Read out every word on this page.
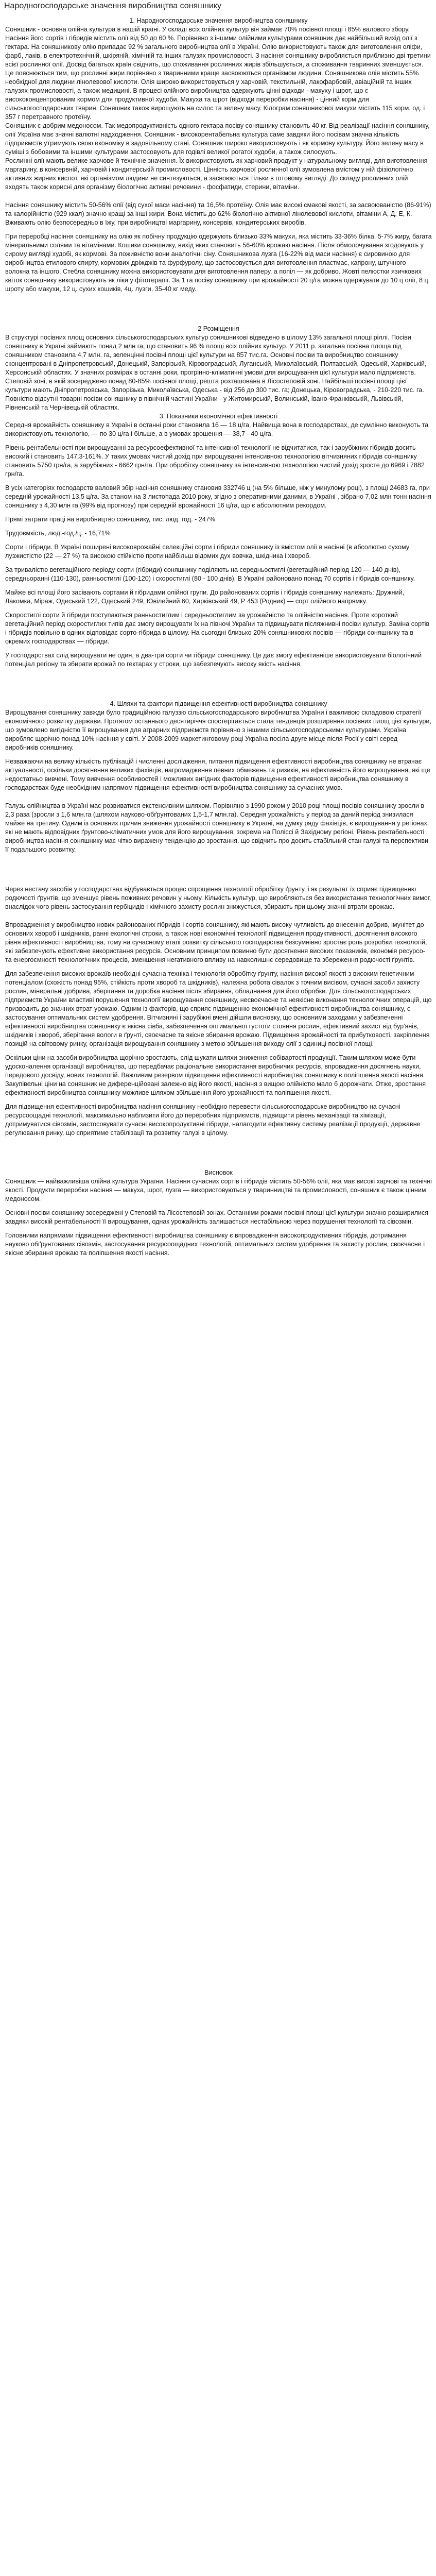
Народногосподарське значення виробництва соняшнику

1. Народногосподарське значення виробництва соняшнику

Соняшник - основна олійна культура в нашій країні. У складі всіх олійних культур він займає 70% посівної площі і 85% валового збору. Насіння його сортів і гібридів містить олії від 50 до 60 %. Порівняно з іншими олійними культурами соняшник дає найбільший вихід олії з гектара. На соняшникову олію припадає 92 % загального виробництва олії в Україні. Олію використовують також для виготовлення оліфи, фарб, лаків, в електротехнічній, шкіряній, хімічній та інших галузях промисловості. З насіння соняшнику виробляється приблизно дві третини всієї рослинної олії. Досвід багатьох країн свідчить, що споживання рослинних жирів збільшується, а споживання тваринних зменшується. Це пояснюється тим, що рослинні жири порівняно з тваринними краще засвоюються організмом людини. Соняшникова олія містить 55% необхідної для людини лінолевової кислоти. Олія широко використовується у харчовій, текстильній, лакофарбовій, авіаційній та інших галузях промисловості, а також медицині. В процесі олійного виробництва одержують цінні відходи - макуху і шрот, що є висококонцентрованим кормом для продуктивної худоби. Макуха та шрот (відходи переробки насіння) - цінний корм для сільськогосподарських тварин. Соняшник також вирощують на силос та зелену масу. Кілограм соняшникової макухи містить 115 корм. од. і 357 г перетравного протеїну.

Соняшник є добрим медоносом. Так медопродуктивність одного гектара посіву соняшнику становить 40 кг. Від реалізації насіння соняшнику, олії Україна має значні валютні надходження. Соняшник - високорентабельна культура саме завдяки його посівам значна кількість підприємств утримують свою економіку в задовільному стані. Соняшник широко використовують і як кормову культуру. Його зелену масу в суміші з бобовими та іншими культурами застосовують для годівлі великої рогатої худоби, а також силосують.

Рослинні олії мають велике харчове й технічне значення. Їх використовують як харчовий продукт у натуральному вигляді, для виготовлення маргарину, в консервній, харчовій і кондитерській промисловості. Цінність харчової рослинної олії зумовлена вмістом у ній фізіологічно активних жирних кислот, які організмом людини не синтезуються, а засвоюються тільки в готовому вигляді. До складу рослинних олій входять також корисні для організму біологічно активні речовини - фосфатиди, стерини, вітаміни.

Насіння соняшнику містить 50-56% олії (від сухої маси насіння) та 16,5% протеїну. Олія має високі смакові якості, за засвоюваністю (86-91%) та калорійністю (929 ккал) значно кращі за інші жири. Вона містить до 62% біологічно активної лінолевової кислоти, вітаміни А, Д, Е, К. Вживають олію безпосередньо в їжу, при виробництві маргарину, консервів, кондитерських виробів.

При переробці насіння соняшнику на олію як побічну продукцію одержують близько 33% макухи, яка містить 33-36% білка, 5-7% жиру, багата мінеральними солями та вітамінами. Кошики соняшнику, вихід яких становить 56-60% врожаю насіння. Після обмолочування згодовують у сирому вигляді худобі, як кормові. За поживністю вони аналогічні сіну. Соняшникова лузга (16-22% від маси насіння) є сировиною для виробництва етилового спирту, кормових дріжджів та фурфуролу, що застосовується для виготовлення пластмас, капрону, штучного волокна та іншого. Стебла соняшнику можна використовувати для виготовлення паперу, а попіл — як добриво. Жовті пелюстки язичкових квіток соняшнику використовують як ліки у фітотерапії. За 1 га посіву соняшнику при врожайності 20 ц/га можна одержувати до 10 ц олії, 8 ц. шроту або макухи, 12 ц. сухих кошиків, 4ц. лузги, 35-40 кг меду.

2 Розміщення

В структурі посівних площ основних сільськогосподарських культур соняшникові відведено в цілому 13% загальної площі ріллі. Посіви соняшнику в Україні займають понад 2 млн га, що становить 96 % площі всіх олійних культур. У 2011 р. загальна посівна площа під соняшником становила 4,7 млн. га, зеленцінні посівні площі цієї культури на 857 тис.га. Основні посіви та виробництво соняшнику сконцентровані в Дніпропетровській, Донецькій, Запорізькій, Кіровоградській, Луганській, Миколаївській, Полтавській, Одеській, Харківській, Херсонській областях. У значних розмірах в останні роки, прогрінно-кліматичні умови для вирощування цієї культури мало підприємств. Степовій зоні, в якій зосереджено понад 80-85% посівної площі, решта розташована в Лісостеповій зоні. Найбільші посівні площі цієї культури мають Дніпропетровська, Запорізька, Миколаївська, Одеська - від 256 до 300 тис. га; Донецька, Кіровоградська, - 210-220 тис. га. Повністю відсутні товарні посіви соняшнику в північній частині України - у Житомирській, Волинській, Івано-Франківській, Львівській, Рівненській та Чернівецькій областях.

3. Показники економічної ефективності

Середня врожайність соняшнику в Україні в останні роки становила 16 — 18 ц/га. Найвища вона в господарствах, де сумлінно виконують та використовують технологію, — по 30 ц/га і більше, а в умовах зрошення — 38,7 - 40 ц/га.

Рівень рентабельності при вирощуванні за ресурсоефективної та інтенсивної технології не відчитатися, так і зарубіжних гібридів досить високий і становить 147,3-161%. У таких умовах чистий дохід при вирощуванні інтенсивною технологією вітчизняних гібридів соняшнику становить 5750 грн/га, а зарубіжних - 6662 грн/га. При обробітку соняшнику за інтенсивною технологією чистий дохід зросте до 6969 і 7882 грн/га.

В усіх категоріях господарств валовий збір насіння соняшнику становив 332746 ц (на 5% більше, ніж у минулому році), з площі 24683 га, при середній урожайності 13,5 ц/га. За станом на 3 листопада 2010 року, згідно з оперативними даними, в Україні , зібрано 7,02 млн тонн насіння соняшнику з 4,30 млн га (99% від прогнозу) при середній врожайності 16 ц/га, що є абсолютним рекордом.

Прямі затрати праці на виробництво соняшнику, тис. люд. год. - 247%

Трудоємкість, люд.-год./ц. - 16,71%

Сорти і гібриди. В Україні поширені високоврожайні селекційні сорти і гібриди соняшнику із вмістом олії в насінні (в абсолютно сухому лузжистістю (22 — 27 %) та високою стійкістю проти найбільш відомих дух вовчка, шкідника і хвороб.

За тривалістю вегетаційного періоду сорти (гібриди) соняшнику поділяють на середньостиглі (вегетаційний період 120 — 140 днів), середньоранні (110-130), ранньостиглі (100-120) і скоростиглі (80 - 100 днів). В Україні районовано понад 70 сортів і гібридів соняшнику.

Майже всі площі його засівають сортами й гібридами олійної групи. До районованих сортів і гібридів соняшнику належать: Дружний, Лакомка, Міраж, Одеський 122, Одеський 249, Ювілейний 60, Харківський 49, Р 453 (Родник) — сорт олійного напрямку.

Скоростиглі сорти й гібриди поступаються ранньостиглим і середньостиглим за урожайністю та олійністю насіння. Проте короткий вегетаційний період скоростиглих типів дає змогу вирощувати їх на півночі України та підвищувати післяжнивні посіви культур. Заміна сортів і гібридів повільно в одних відповідає сорто-гібрида в цілому. На сьогодні близько 20% соняшникових посівів — гібриди соняшнику та в окремих господарствах — гібриди.

У господарствах слід вирощувати не один, а два-три сорти чи гібриди соняшнику. Це дає змогу ефективніше використовувати біологічний потенціал регіону та збирати врожай по гектарах у строки, що забезпечують високу якість насіння.

4. Шляхи та фактори підвищення ефективності виробництва соняшнику

Вирощування соняшнику завжди було традиційною галуззю сільськогосподарського виробництва України і важливою складовою стратегії економічного розвитку держави. Протягом останнього десятиріччя спостерігається стала тенденція розширення посівних площ цієї культури, що зумовлено вигідністю її вирощування для аграрних підприємств порівняно з іншими сільськогосподарськими культурами. Україна виробляє щорічно понад 10% насіння у світі. У 2008-2009 маркетинговому році Україна посіла друге місце після Росії у світі серед виробників соняшнику.

Незважаючи на велику кількість публікацій і численні дослідження, питання підвищення ефективності виробництва соняшнику не втрачає актуальності, оскільки досягнення великих фахівців, нагромадження певних обмежень та ризиків, на ефективність його вирощування, які ще недостатньо вивчені. Тому вивчення особливостей і можливих вигідних факторів підвищення ефективності виробництва соняшнику в господарствах буде необхідним напрямом підвищення ефективності виробництва соняшнику за сучасних умов.

Галузь олійництва в Україні має розвиватися екстенсивним шляхом. Порівняно з 1990 роком у 2010 році площі посівів соняшнику зросли в 2,3 раза (зросли з 1,6 млн.га (шляхом науково-обґрунтованих 1,5-1,7 млн.га). Середня урожайність у період за даний період знизилася майже на третину. Одним із основних причин зниження урожайності соняшнику в Україні, на думку ряду фахівців, є вирощування у регіонах, які не мають відповідних ґрунтово-кліматичних умов для його вирощування, зокрема на Поліссі й Західному регіоні. Рівень рентабельності виробництва насіння соняшнику має чітко виражену тенденцію до зростання, що свідчить про досить стабільний стан галузі та перспективи її подальшого розвитку.

Через нестачу засобів у господарствах відбувається процес спрощення технології обробітку ґрунту, і як результат їх сприяє підвищенню родючості ґрунтів, що зменшує рівень поживних речовин у ньому. Кількість культур, що виробляються без використання технологічних вимог, внаслідок чого рівень застосування гербіцидів і хімічного захисту рослин знижується, збирають при цьому значні втрати врожаю.

Впровадження у виробництво нових районованих гібридів і сортів соняшнику, які мають високу чутливість до внесення добрив, імунітет до основних хвороб і шкідників, ранні екологічні строки, а також нові економічні технології підвищення продуктивності, досягнення високого рівня ефективності виробництва, тому на сучасному етапі розвитку сільського господарства безсумнівно зростає роль розробки технологій, які забезпечують ефективне використання ресурсів. Основним принципом повинно бути досягнення високих показників, економія ресурсо- та енергоємності технологічних процесів, зменшення негативного впливу на навколишнє середовище та збереження родючості ґрунтів.

Для забезпечення високих врожаїв необхідні сучасна техніка і технологія обробітку ґрунту, насіння високої якості з високим генетичним потенціалом (схожість понад 95%, стійкість проти хвороб та шкідників), належна робота сівалок з точним висівом, сучасні засоби захисту рослин, мінеральні добрива, зберігання та доробка насіння після збирання, обладнання для його обробки. Для сільськогосподарських підприємств України властиві порушення технології вирощування соняшнику, несвоєчасне та неякісне виконання технологічних операцій, що призводить до значних втрат урожаю. Одним із факторів, що сприяє підвищенню економічної ефективності виробництва соняшнику, є застосування оптимальних систем удобрення. Вітчизняні і зарубіжні вчені дійшли висновку, що основними заходами у забезпеченні ефективності виробництва соняшнику є якісна сівба, забезпечення оптимальної густоти стояння рослин, ефективний захист від бур'янів, шкідників і хвороб, зберігання вологи в ґрунті, своєчасне та якісне збирання врожаю. Підвищення врожайності та прибутковості, закріплення позицій на світовому ринку, організація вирощування соняшнику з метою збільшення виходу олії з одиниці посівної площі.

Оскільки ціни на засоби виробництва щорічно зростають, слід шукати шляхи зниження собівартості продукції. Таким шляхом може бути удосконалення організації виробництва, що передбачає раціональне використання виробничих ресурсів, впровадження досягнень науки, передового досвіду, нових технологій. Важливим резервом підвищення ефективності виробництва соняшнику є поліпшення якості насіння. Закупівельні ціни на соняшник не диференційовані залежно від його якості, насіння з вищою олійністю мало б дорожчати. Отже, зростання ефективності виробництва соняшнику можливе шляхом збільшення його урожайності та поліпшення якості.

Для підвищення ефективності виробництва насіння соняшнику необхідно перевести сільськогосподарське виробництво на сучасні ресурсоощадні технології, максимально наблизити його до переробних підприємств, підвищити рівень механізації та хімізації, дотримуватися сівозмін, застосовувати сучасні високопродуктивні гібриди, налагодити ефективну систему реалізації продукції, державне регулювання ринку, що сприятиме стабілізації та розвитку галузі в цілому.

Висновок

Соняшник — найважливіша олійна культура України. Насіння сучасних сортів і гібридів містить 50-56% олії, яка має високі харчові та технічні якості. Продукти переробки насіння — макуха, шрот, лузга — використовуються у тваринництві та промисловості, соняшник є також цінним медоносом.

Основні посіви соняшнику зосереджені у Степовій та Лісостеповій зонах. Останніми роками посівні площі цієї культури значно розширилися завдяки високій рентабельності її вирощування, однак урожайність залишається нестабільною через порушення технології та сівозмін.

Головними напрямами підвищення ефективності виробництва соняшнику є впровадження високопродуктивних гібридів, дотримання науково обґрунтованих сівозмін, застосування ресурсоощадних технологій, оптимальних систем удобрення та захисту рослин, своєчасне і якісне збирання врожаю та поліпшення якості насіння.
